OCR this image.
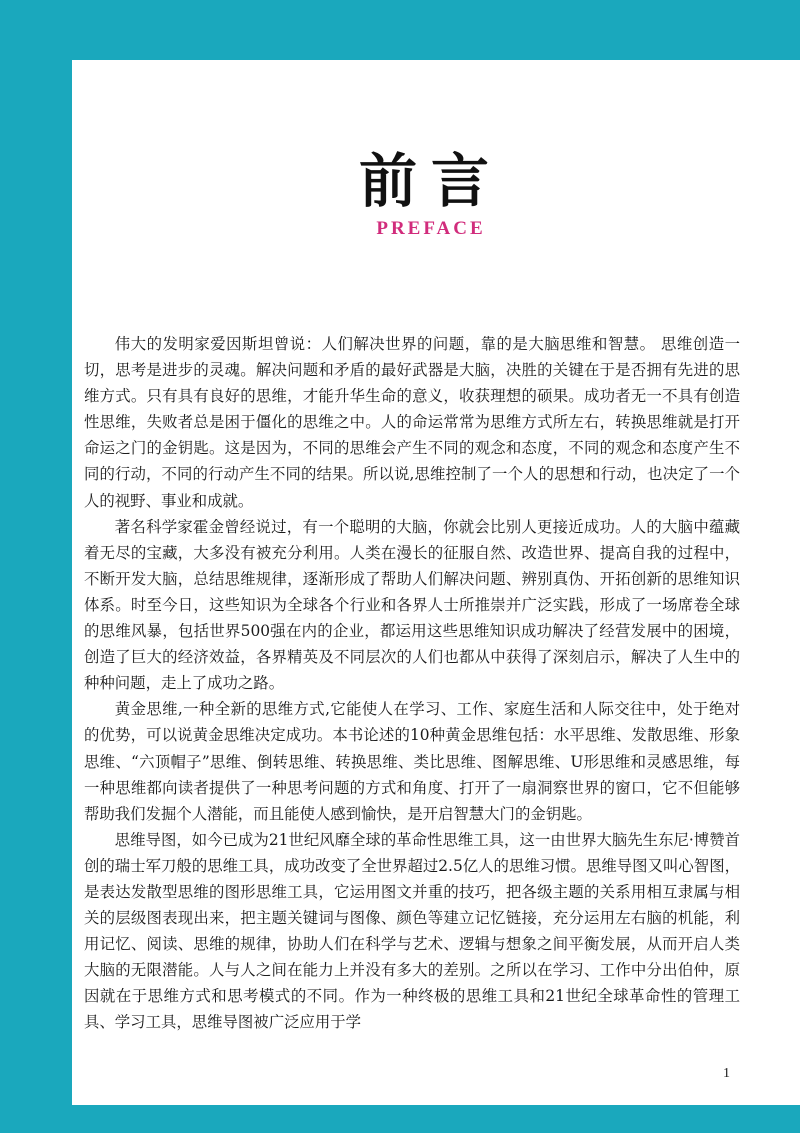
前言
PREFACE

伟大的发明家爱因斯坦曾说：人们解决世界的问题，靠的是大脑思维和智慧。 思维创造一切，思考是进步的灵魂。解决问题和矛盾的最好武器是大脑，决胜的关键在于是否拥有先进的思维方式。只有具有良好的思维，才能升华生命的意义，收获理想的硕果。成功者无一不具有创造性思维，失败者总是困于僵化的思维之中。人的命运常常为思维方式所左右，转换思维就是打开命运之门的金钥匙。这是因为，不同的思维会产生不同的观念和态度，不同的观念和态度产生不同的行动，不同的行动产生不同的结果。所以说,思维控制了一个人的思想和行动，也决定了一个人的视野、事业和成就。

著名科学家霍金曾经说过，有一个聪明的大脑，你就会比别人更接近成功。人的大脑中蕴藏着无尽的宝藏，大多没有被充分利用。人类在漫长的征服自然、改造世界、提高自我的过程中，不断开发大脑，总结思维规律，逐渐形成了帮助人们解决问题、辨别真伪、开拓创新的思维知识体系。时至今日，这些知识为全球各个行业和各界人士所推崇并广泛实践，形成了一场席卷全球的思维风暴，包括世界500强在内的企业，都运用这些思维知识成功解决了经营发展中的困境，创造了巨大的经济效益，各界精英及不同层次的人们也都从中获得了深刻启示，解决了人生中的种种问题，走上了成功之路。

黄金思维,一种全新的思维方式,它能使人在学习、工作、家庭生活和人际交往中，处于绝对的优势，可以说黄金思维决定成功。本书论述的10种黄金思维包括：水平思维、发散思维、形象思维、“六顶帽子”思维、倒转思维、转换思维、类比思维、图解思维、U形思维和灵感思维，每一种思维都向读者提供了一种思考问题的方式和角度、打开了一扇洞察世界的窗口，它不但能够帮助我们发掘个人潜能，而且能使人感到愉快，是开启智慧大门的金钥匙。

思维导图，如今已成为21世纪风靡全球的革命性思维工具，这一由世界大脑先生东尼·博赞首创的瑞士军刀般的思维工具，成功改变了全世界超过2.5亿人的思维习惯。思维导图又叫心智图，是表达发散型思维的图形思维工具，它运用图文并重的技巧，把各级主题的关系用相互隶属与相关的层级图表现出来，把主题关键词与图像、颜色等建立记忆链接，充分运用左右脑的机能，利用记忆、阅读、思维的规律，协助人们在科学与艺术、逻辑与想象之间平衡发展，从而开启人类大脑的无限潜能。人与人之间在能力上并没有多大的差别。之所以在学习、工作中分出伯仲，原因就在于思维方式和思考模式的不同。作为一种终极的思维工具和21世纪全球革命性的管理工具、学习工具，思维导图被广泛应用于学

1
